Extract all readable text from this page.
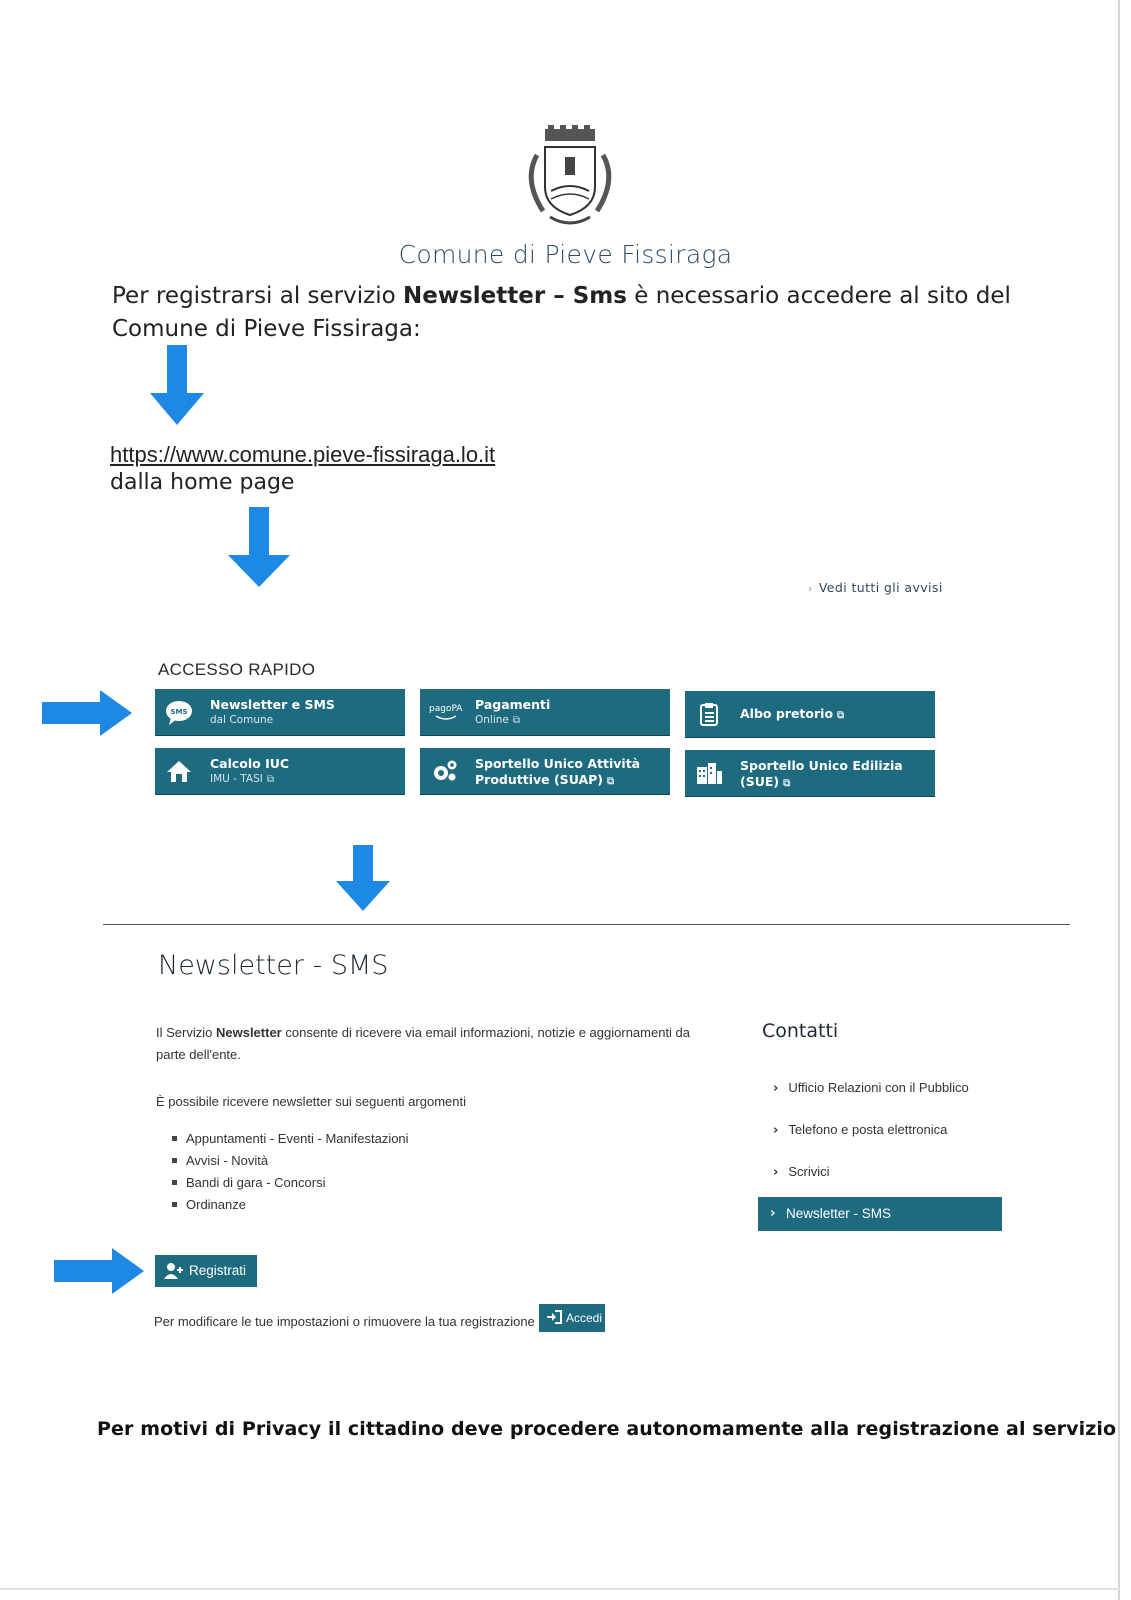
Comune di Pieve Fissiraga
Per registrarsi al servizio Newsletter – Sms è necessario accedere al sito del
Comune di Pieve Fissiraga:
https://www.comune.pieve-fissiraga.lo.it
dalla home page
› Vedi tutti gli avvisi
ACCESSO RAPIDO
SMS Newsletter e SMS
dal Comune
pagoPA Pagamenti
Online ⧉	Albo pretorio ⧉
Calcolo IUC
IMU - TASI ⧉
Sportello Unico Attività
Produttive (SUAP) ⧉
Sportello Unico Edilizia
(SUE) ⧉
Newsletter - SMS
Il Servizio Newsletter consente di ricevere via email informazioni, notizie e aggiornamenti da parte dell'ente.
È possibile ricevere newsletter sui seguenti argomenti
Appuntamenti - Eventi - Manifestazioni
Avvisi - Novità
Bandi di gara - Concorsi
Ordinanze
Contatti
› Ufficio Relazioni con il Pubblico
› Telefono e posta elettronica
› Scrivici
› Newsletter - SMS
Registrati
Per modificare le tue impostazioni o rimuovere la tua registrazione	Accedi
Per motivi di Privacy il cittadino deve procedere autonomamente alla registrazione al servizio
